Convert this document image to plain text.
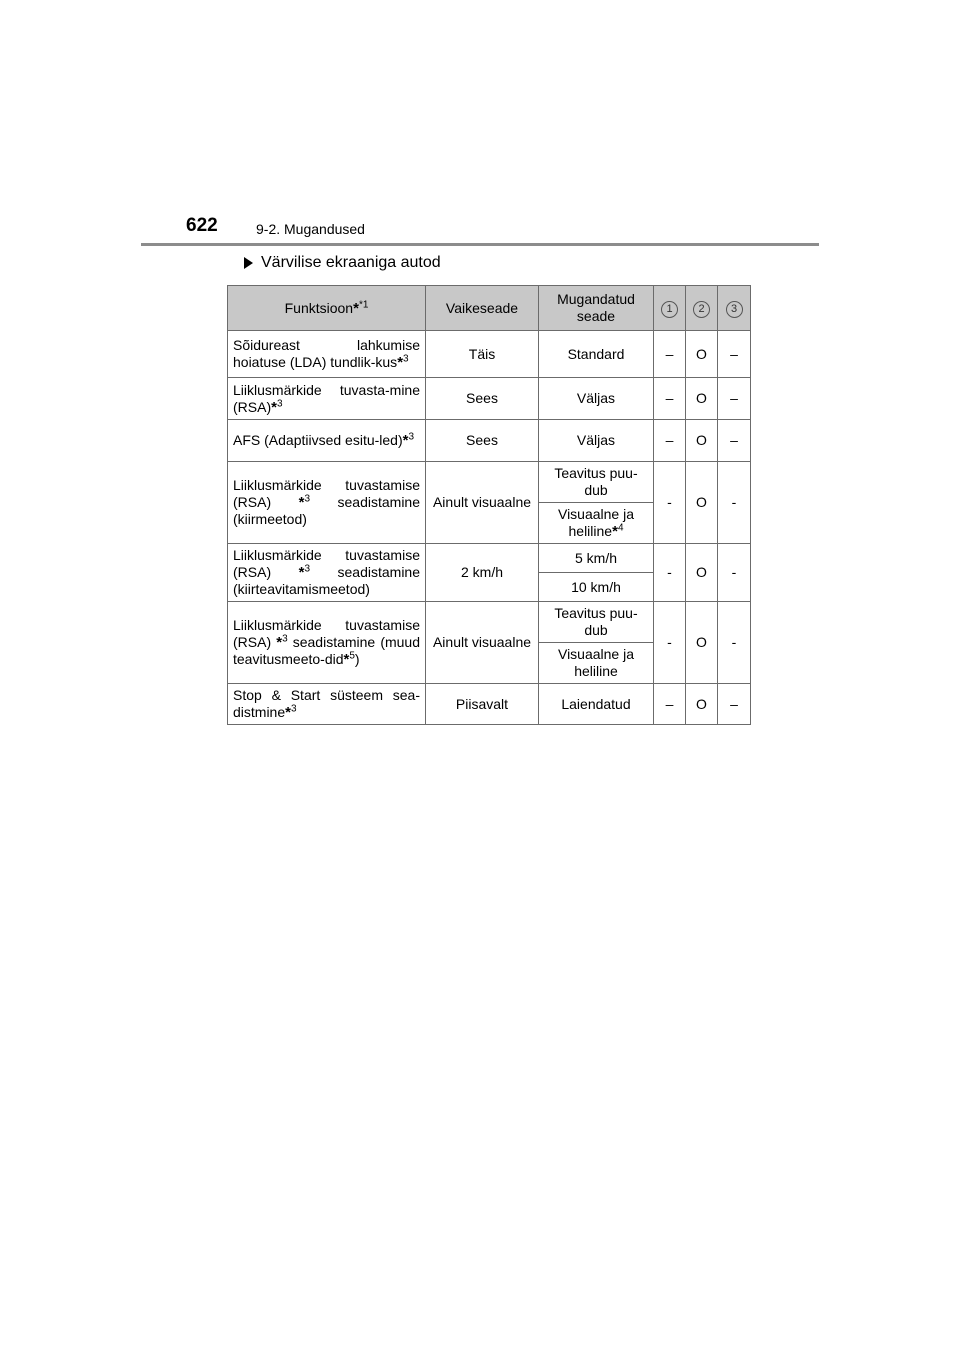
622	9-2. Mugandused
Värvilise ekraaniga autod
Funktsioon*$^{*1}$	Vaikeseade	Mugandatud seade	1	2	3
Sõidureast lahkumise hoiatuse (LDA) tundlik-kus*$^3$	Täis	Standard	–	O	–
Liiklusmärkide tuvasta-mine (RSA)*$^3$	Sees	Väljas	–	O	–
AFS (Adaptiivsed esitu-led)*$^3$	Sees	Väljas	–	O	–
Liiklusmärkide tuvastamise (RSA) *$^3$ seadistamine (kiirmeetod)	Ainult visuaalne	Teavitus puu-dub	-	O	-
		Visuaalne ja heliline*$^4$
Liiklusmärkide tuvastamise (RSA) *$^3$ seadistamine (kiirteavitamismeetod)	2 km/h	5 km/h	-	O	-
		10 km/h			
Liiklusmärkide tuvastamise (RSA) *$^3$ seadistamine (muud teavitusmeeto-did*$^5$)	Ainult visuaalne	Teavitus puu-dub	-	O	-
		Visuaalne ja heliline			
Stop & Start süsteem sea-distmine*$^3$	Piisavalt	Laiendatud	–	O	–
